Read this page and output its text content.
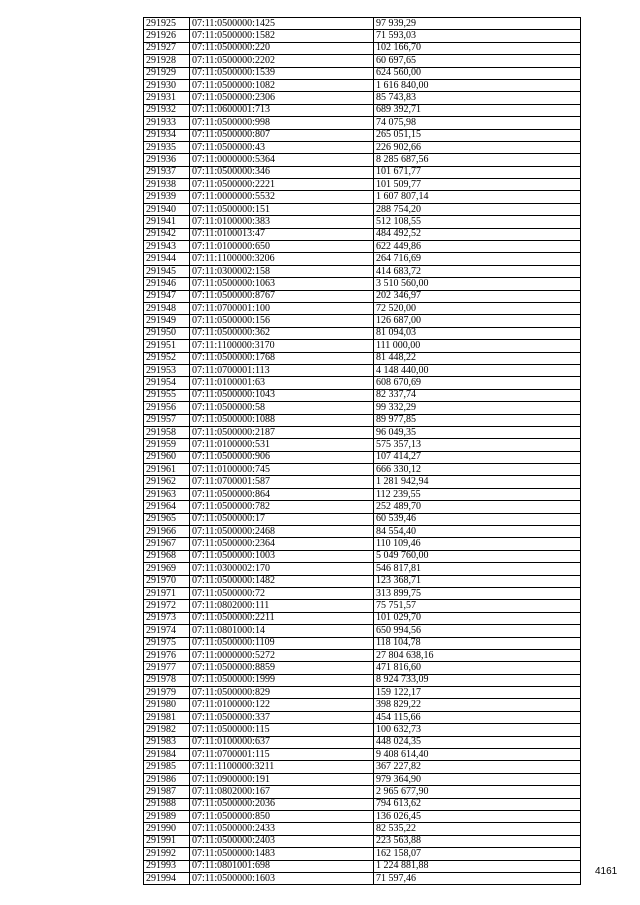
291925	07:11:0500000:1425	97 939,29
291926	07:11:0500000:1582	71 593,03
291927	07:11:0500000:220	102 166,70
291928	07:11:0500000:2202	60 697,65
291929	07:11:0500000:1539	624 560,00
291930	07:11:0500000:1082	1 616 840,00
291931	07:11:0500000:2306	85 743,83
291932	07:11:0600001:713	689 392,71
291933	07:11:0500000:998	74 075,98
291934	07:11:0500000:807	265 051,15
291935	07:11:0500000:43	226 902,66
291936	07:11:0000000:5364	8 285 687,56
291937	07:11:0500000:346	101 671,77
291938	07:11:0500000:2221	101 509,77
291939	07:11:0000000:5532	1 607 807,14
291940	07:11:0500000:151	288 754,20
291941	07:11:0100000:383	512 108,55
291942	07:11:0100013:47	484 492,52
291943	07:11:0100000:650	622 449,86
291944	07:11:1100000:3206	264 716,69
291945	07:11:0300002:158	414 683,72
291946	07:11:0500000:1063	3 510 560,00
291947	07:11:0500000:8767	202 346,97
291948	07:11:0700001:100	72 520,00
291949	07:11:0500000:156	126 687,00
291950	07:11:0500000:362	81 094,03
291951	07:11:1100000:3170	111 000,00
291952	07:11:0500000:1768	81 448,22
291953	07:11:0700001:113	4 148 440,00
291954	07:11:0100001:63	608 670,69
291955	07:11:0500000:1043	82 337,74
291956	07:11:0500000:58	99 332,29
291957	07:11:0500000:1088	89 977,85
291958	07:11:0500000:2187	96 049,35
291959	07:11:0100000:531	575 357,13
291960	07:11:0500000:906	107 414,27
291961	07:11:0100000:745	666 330,12
291962	07:11:0700001:587	1 281 942,94
291963	07:11:0500000:864	112 239,55
291964	07:11:0500000:782	252 489,70
291965	07:11:0500000:17	60 539,46
291966	07:11:0500000:2468	84 554,40
291967	07:11:0500000:2364	110 109,46
291968	07:11:0500000:1003	5 049 760,00
291969	07:11:0300002:170	546 817,81
291970	07:11:0500000:1482	123 368,71
291971	07:11:0500000:72	313 899,75
291972	07:11:0802000:111	75 751,57
291973	07:11:0500000:2211	101 029,70
291974	07:11:0801000:14	650 994,56
291975	07:11:0500000:1109	118 104,78
291976	07:11:0000000:5272	27 804 638,16
291977	07:11:0500000:8859	471 816,60
291978	07:11:0500000:1999	8 924 733,09
291979	07:11:0500000:829	159 122,17
291980	07:11:0100000:122	398 829,22
291981	07:11:0500000:337	454 115,66
291982	07:11:0500000:115	100 632,73
291983	07:11:0100000:637	448 024,35
291984	07:11:0700001:115	9 408 614,40
291985	07:11:1100000:3211	367 227,82
291986	07:11:0900000:191	979 364,90
291987	07:11:0802000:167	2 965 677,90
291988	07:11:0500000:2036	794 613,62
291989	07:11:0500000:850	136 026,45
291990	07:11:0500000:2433	82 535,22
291991	07:11:0500000:2403	223 563,88
291992	07:11:0500000:1483	162 158,07
291993	07:11:0801001:698	1 224 881,88
291994	07:11:0500000:1603	71 597,46
4161
